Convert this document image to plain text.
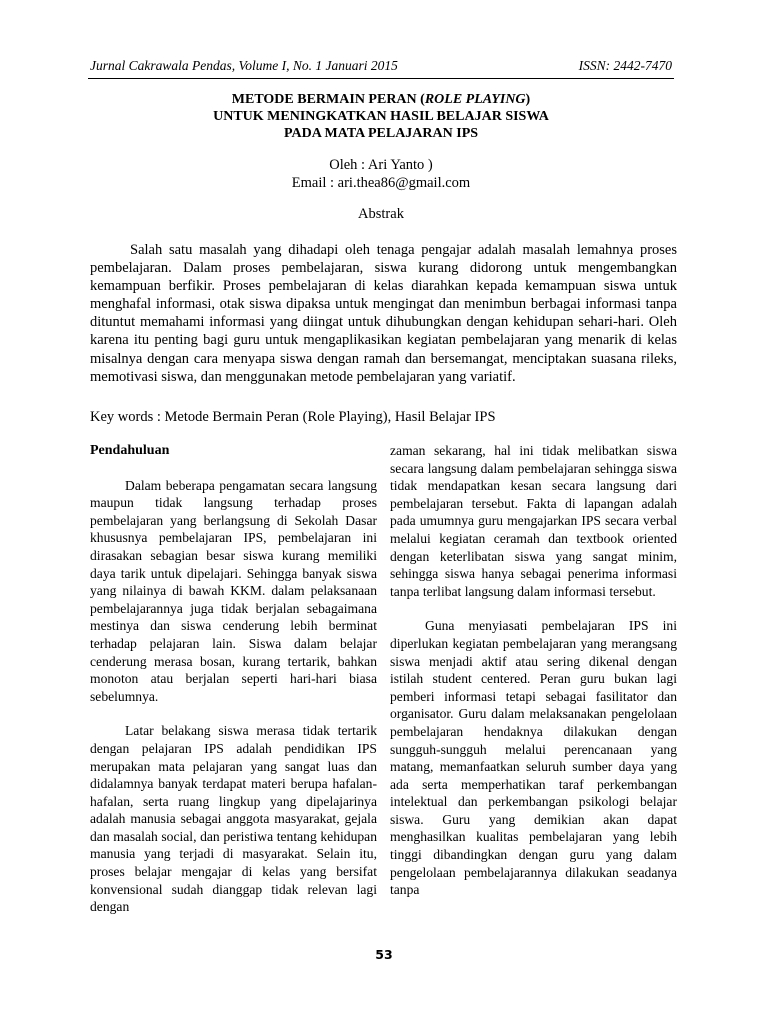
Jurnal Cakrawala Pendas, Volume I, No. 1 Januari 2015	ISSN: 2442-7470
METODE BERMAIN PERAN (ROLE PLAYING)
UNTUK MENINGKATKAN HASIL BELAJAR SISWA
PADA MATA PELAJARAN IPS
Oleh : Ari Yanto )
Email : ari.thea86@gmail.com
Abstrak

Salah satu masalah yang dihadapi oleh tenaga pengajar adalah masalah lemahnya proses pembelajaran. Dalam proses pembelajaran, siswa kurang didorong untuk mengembangkan kemampuan berfikir. Proses pembelajaran di kelas diarahkan kepada kemampuan siswa untuk menghafal informasi, otak siswa dipaksa untuk mengingat dan menimbun berbagai informasi tanpa dituntut memahami informasi yang diingat untuk dihubungkan dengan kehidupan sehari-hari. Oleh karena itu penting bagi guru untuk mengaplikasikan kegiatan pembelajaran yang menarik di kelas misalnya dengan cara menyapa siswa dengan ramah dan bersemangat, menciptakan suasana rileks, memotivasi siswa, dan menggunakan metode pembelajaran yang variatif.

Key words : Metode Bermain Peran (Role Playing), Hasil Belajar IPS

Pendahuluan

Dalam beberapa pengamatan secara langsung maupun tidak langsung terhadap proses pembelajaran yang berlangsung di Sekolah Dasar khususnya pembelajaran IPS, pembelajaran ini dirasakan sebagian besar siswa kurang memiliki daya tarik untuk dipelajari. Sehingga banyak siswa yang nilainya di bawah KKM. dalam pelaksanaan pembelajarannya juga tidak berjalan sebagaimana mestinya dan siswa cenderung lebih berminat terhadap pelajaran lain. Siswa dalam belajar cenderung merasa bosan, kurang tertarik, bahkan monoton atau berjalan seperti hari-hari biasa sebelumnya.

Latar belakang siswa merasa tidak tertarik dengan pelajaran IPS adalah pendidikan IPS merupakan mata pelajaran yang sangat luas dan didalamnya banyak terdapat materi berupa hafalan-hafalan, serta ruang lingkup yang dipelajarinya adalah manusia sebagai anggota masyarakat, gejala dan masalah social, dan peristiwa tentang kehidupan manusia yang terjadi di masyarakat. Selain itu, proses belajar mengajar di kelas yang bersifat konvensional sudah dianggap tidak relevan lagi dengan

zaman sekarang, hal ini tidak melibatkan siswa secara langsung dalam pembelajaran sehingga siswa tidak mendapatkan kesan secara langsung dari pembelajaran tersebut. Fakta di lapangan adalah pada umumnya guru mengajarkan IPS secara verbal melalui kegiatan ceramah dan textbook oriented dengan keterlibatan siswa yang sangat minim, sehingga siswa hanya sebagai penerima informasi tanpa terlibat langsung dalam informasi tersebut.

Guna menyiasati pembelajaran IPS ini diperlukan kegiatan pembelajaran yang merangsang siswa menjadi aktif atau sering dikenal dengan istilah student centered. Peran guru bukan lagi pemberi informasi tetapi sebagai fasilitator dan organisator. Guru dalam melaksanakan pengelolaan pembelajaran hendaknya dilakukan dengan sungguh-sungguh melalui perencanaan yang matang, memanfaatkan seluruh sumber daya yang ada serta memperhatikan taraf perkembangan intelektual dan perkembangan psikologi belajar siswa. Guru yang demikian akan dapat menghasilkan kualitas pembelajaran yang lebih tinggi dibandingkan dengan guru yang dalam pengelolaan pembelajarannya dilakukan seadanya tanpa

53
